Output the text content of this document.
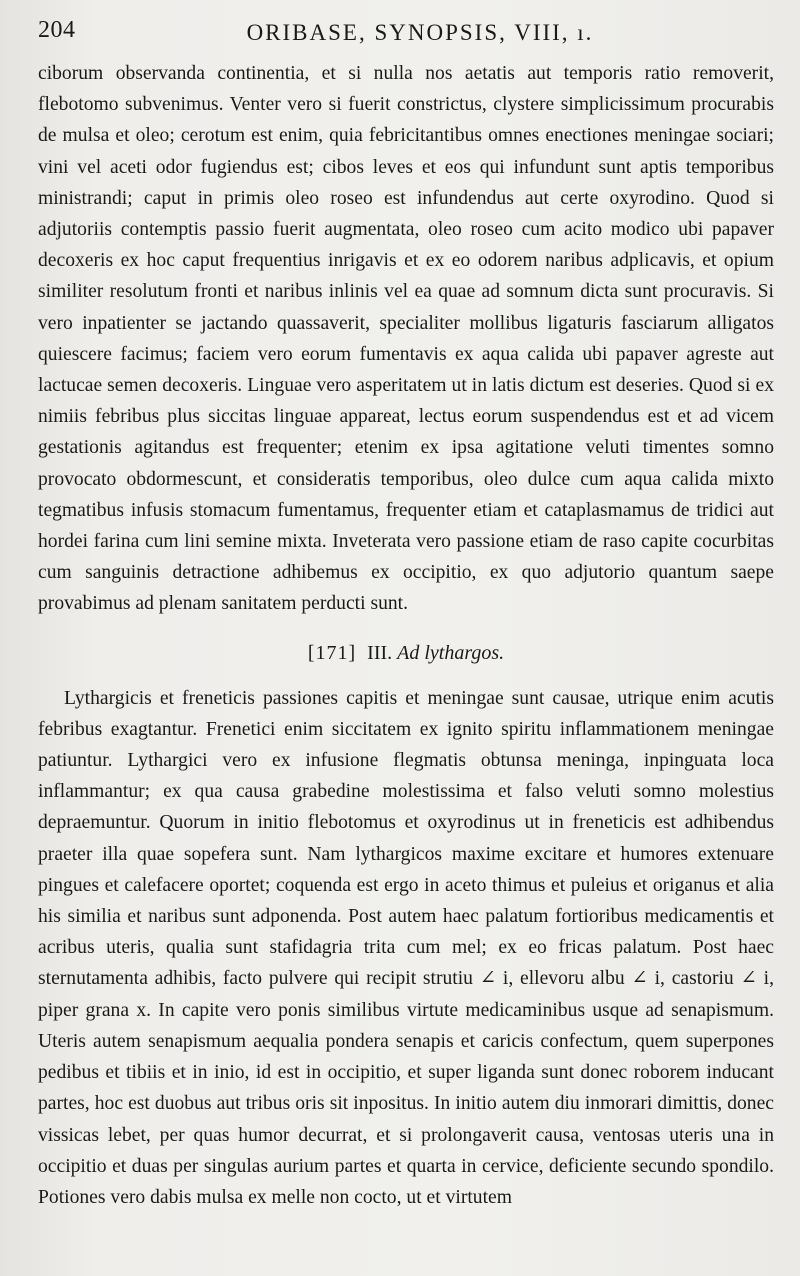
204	ORIBASE, SYNOPSIS, VIII, ı.

ciborum observanda continentia, et si nulla nos aetatis aut temporis ratio removerit, flebotomo subvenimus. Venter vero si fuerit constrictus, clystere simplicissimum procurabis de mulsa et oleo; cerotum est enim, quia febricitantibus omnes enectiones meningae sociari; vini vel aceti odor fugiendus est; cibos leves et eos qui infundunt sunt aptis temporibus ministrandi; caput in primis oleo roseo est infundendus aut certe oxyrodino. Quod si adjutoriis contemptis passio fuerit augmentata, oleo roseo cum acito modico ubi papaver decoxeris ex hoc caput frequentius inrigavis et ex eo odorem naribus adplicavis, et opium similiter resolutum fronti et naribus inlinis vel ea quae ad somnum dicta sunt procuravis. Si vero inpatienter se jactando quassaverit, specialiter mollibus ligaturis fasciarum alligatos quiescere facimus; faciem vero eorum fumentavis ex aqua calida ubi papaver agreste aut lactucae semen decoxeris. Linguae vero asperitatem ut in latis dictum est deseries. Quod si ex nimiis febribus plus siccitas linguae appareat, lectus eorum suspendendus est et ad vicem gestationis agitandus est frequenter; etenim ex ipsa agitatione veluti timentes somno provocato obdormescunt, et consideratis temporibus, oleo dulce cum aqua calida mixto tegmatibus infusis stomacum fumentamus, frequenter etiam et cataplasmamus de tridici aut hordei farina cum lini semine mixta. Inveterata vero passione etiam de raso capite cocurbitas cum sanguinis detractione adhibemus ex occipitio, ex quo adjutorio quantum saepe provabimus ad plenam sanitatem perducti sunt.

[171] III. Ad lythargos.

Lythargicis et freneticis passiones capitis et meningae sunt causae, utrique enim acutis febribus exagtantur. Frenetici enim siccitatem ex ignito spiritu inflammationem meningae patiuntur. Lythargici vero ex infusione flegmatis obtunsa meninga, inpinguata loca inflammantur; ex qua causa grabedine molestissima et falso veluti somno molestius depraemuntur. Quorum in initio flebotomus et oxyrodinus ut in freneticis est adhibendus praeter illa quae sopefera sunt. Nam lythargicos maxime excitare et humores extenuare pingues et calefacere oportet; coquenda est ergo in aceto thimus et puleius et origanus et alia his similia et naribus sunt adponenda. Post autem haec palatum fortioribus medicamentis et acribus uteris, qualia sunt stafidagria trita cum mel; ex eo fricas palatum. Post haec sternutamenta adhibis, facto pulvere qui recipit strutiu ∠ i, ellevoru albu ∠ i, castoriu ∠ i, piper grana x. In capite vero ponis similibus virtute medicaminibus usque ad senapismum. Uteris autem senapismum aequalia pondera senapis et caricis confectum, quem superpones pedibus et tibiis et in inio, id est in occipitio, et super liganda sunt donec roborem inducant partes, hoc est duobus aut tribus oris sit inpositus. In initio autem diu inmorari dimittis, donec vissicas lebet, per quas humor decurrat, et si prolongaverit causa, ventosas uteris una in occipitio et duas per singulas aurium partes et quarta in cervice, deficiente secundo spondilo. Potiones vero dabis mulsa ex melle non cocto, ut et virtutem
